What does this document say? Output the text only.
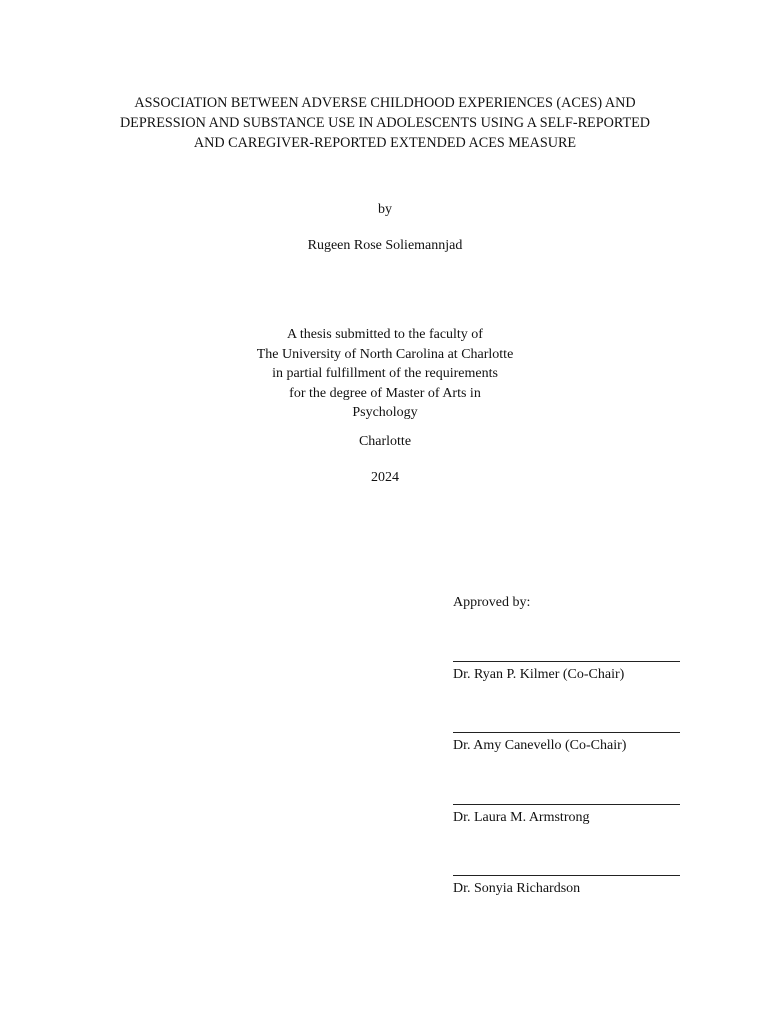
ASSOCIATION BETWEEN ADVERSE CHILDHOOD EXPERIENCES (ACES) AND
DEPRESSION AND SUBSTANCE USE IN ADOLESCENTS USING A SELF-REPORTED
AND CAREGIVER-REPORTED EXTENDED ACES MEASURE
by
Rugeen Rose Soliemannjad
A thesis submitted to the faculty of
The University of North Carolina at Charlotte
in partial fulfillment of the requirements
for the degree of Master of Arts in
Psychology
Charlotte
2024
Approved by:
Dr. Ryan P. Kilmer (Co-Chair)
Dr. Amy Canevello (Co-Chair)
Dr. Laura M. Armstrong
Dr. Sonyia Richardson
